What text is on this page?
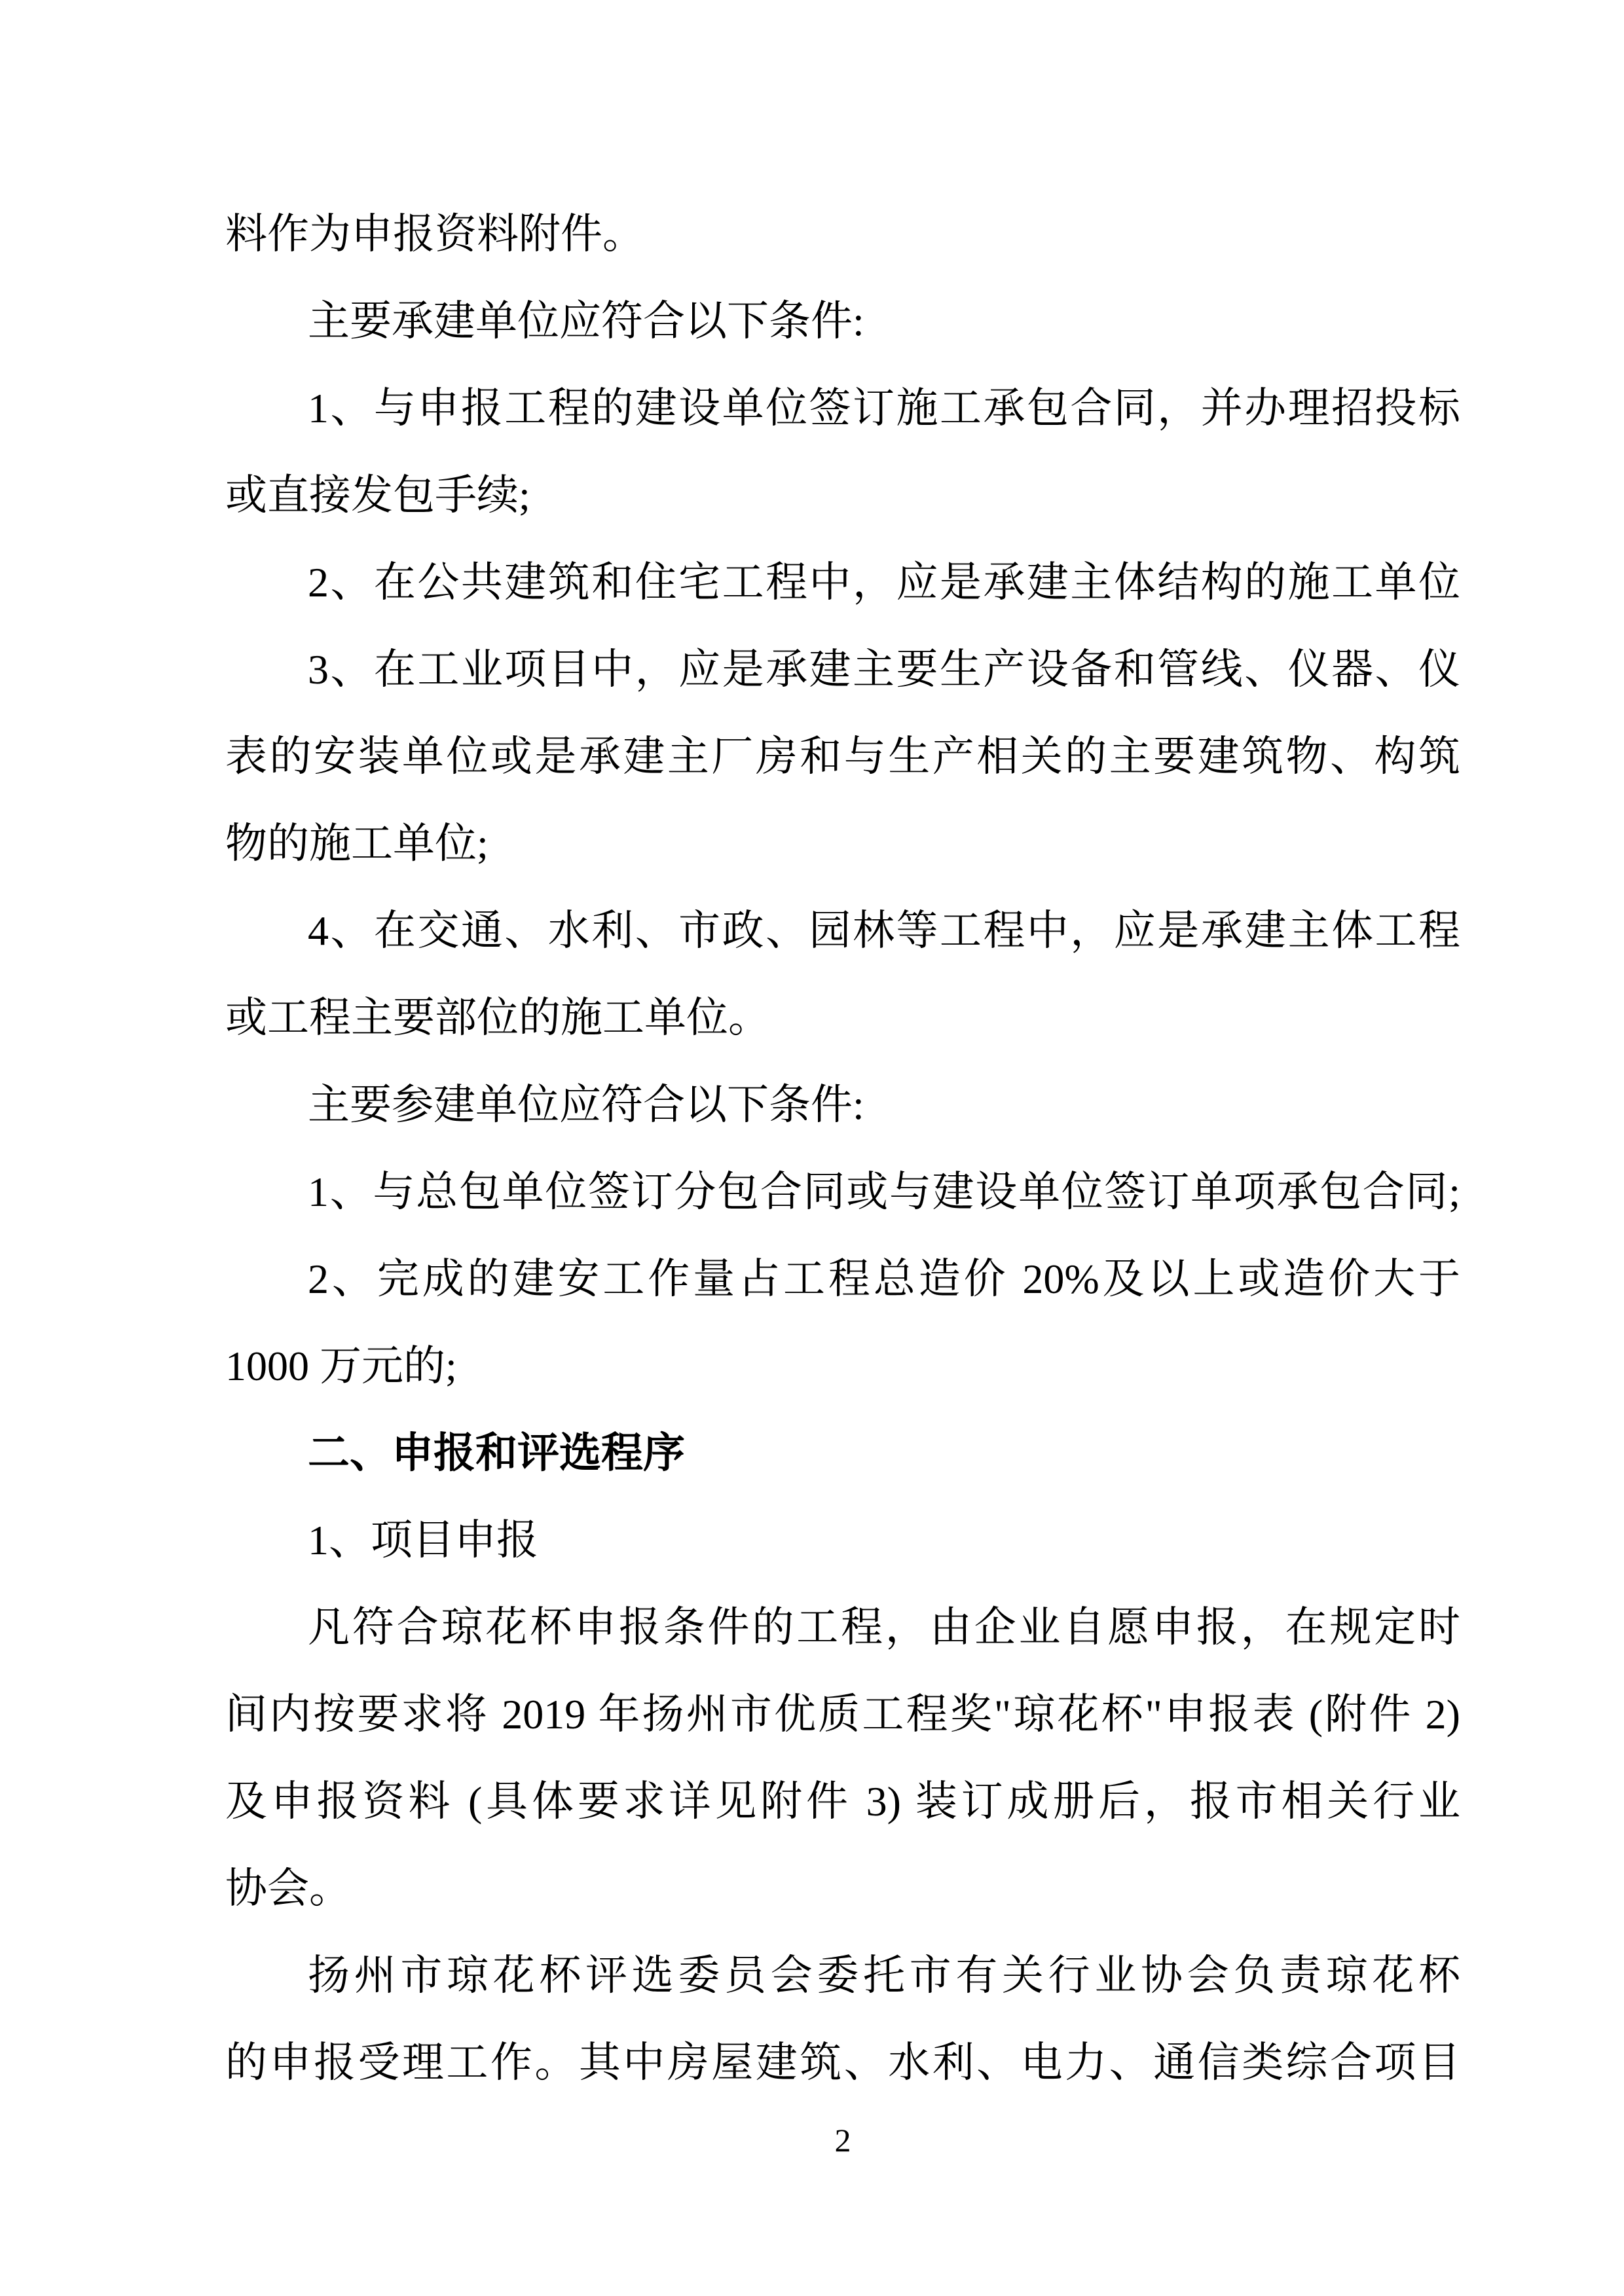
料作为申报资料附件。
主要承建单位应符合以下条件:
1、与申报工程的建设单位签订施工承包合同，并办理招投标
或直接发包手续;
2、在公共建筑和住宅工程中，应是承建主体结构的施工单位
3、在工业项目中，应是承建主要生产设备和管线、仪器、仪
表的安装单位或是承建主厂房和与生产相关的主要建筑物、构筑
物的施工单位;
4、在交通、水利、市政、园林等工程中，应是承建主体工程
或工程主要部位的施工单位。
主要参建单位应符合以下条件:
1、与总包单位签订分包合同或与建设单位签订单项承包合同;
2、完成的建安工作量占工程总造价 20%及以上或造价大于
1000 万元的;
二、申报和评选程序
1、项目申报
凡符合琼花杯申报条件的工程，由企业自愿申报，在规定时
间内按要求将 2019 年扬州市优质工程奖"琼花杯"申报表 (附件 2)
及申报资料 (具体要求详见附件 3) 装订成册后，报市相关行业
协会。
扬州市琼花杯评选委员会委托市有关行业协会负责琼花杯
的申报受理工作。其中房屋建筑、水利、电力、通信类综合项目
2
